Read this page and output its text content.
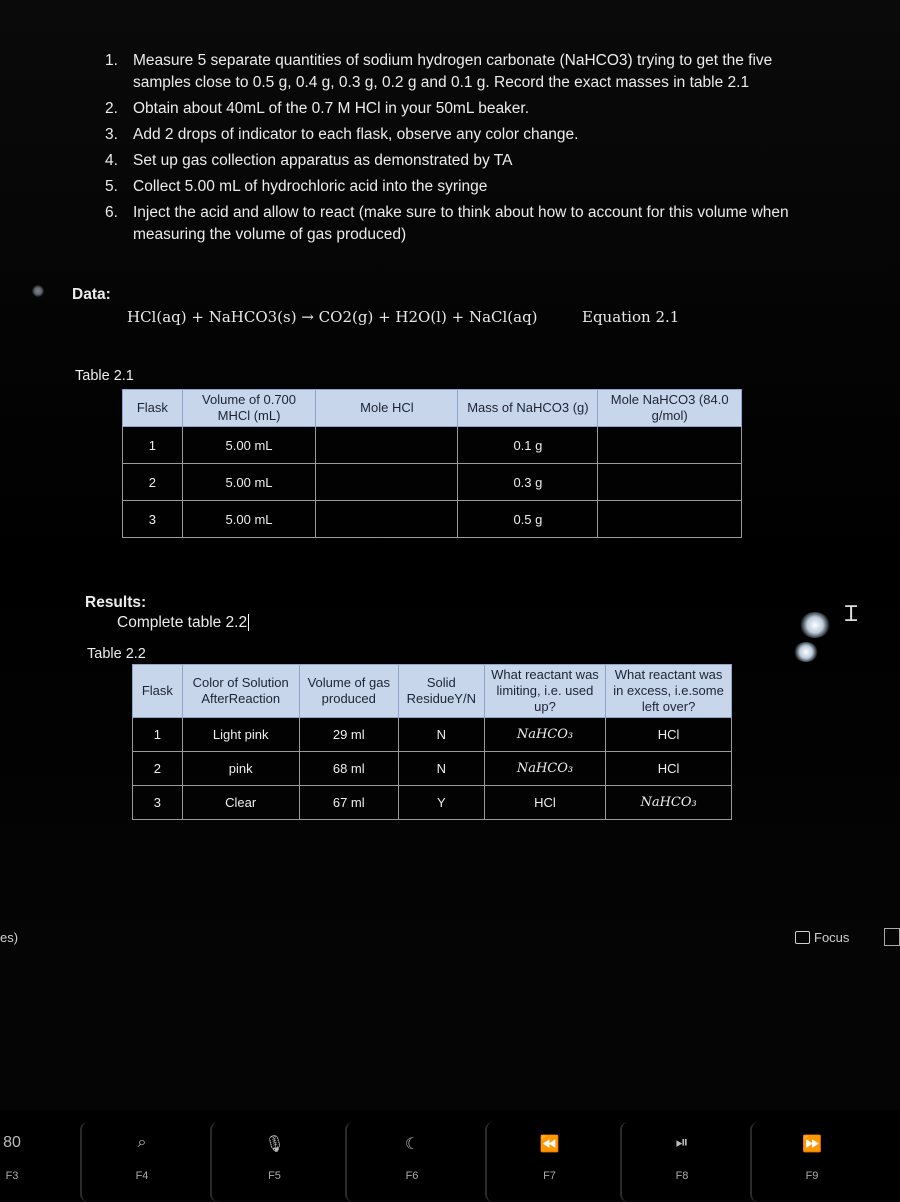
1. Measure 5 separate quantities of sodium hydrogen carbonate (NaHCO3) trying to get the five samples close to 0.5 g, 0.4 g, 0.3 g, 0.2 g and 0.1 g. Record the exact masses in table 2.1
2. Obtain about 40mL of the 0.7 M HCl in your 50mL beaker.
3. Add 2 drops of indicator to each flask, observe any color change.
4. Set up gas collection apparatus as demonstrated by TA
5. Collect 5.00 mL of hydrochloric acid into the syringe
6. Inject the acid and allow to react (make sure to think about how to account for this volume when measuring the volume of gas produced)
Data:
HCl(aq) + NaHCO3(s) → CO2(g) + H2O(l) + NaCl(aq)	Equation 2.1
Table 2.1
Flask	Volume of 0.700 MHCl (mL)	Mole HCl	Mass of NaHCO3 (g)	Mole NaHCO3 (84.0 g/mol)
1	5.00 mL		0.1 g	
2	5.00 mL		0.3 g	
3	5.00 mL		0.5 g	
Results:
Complete table 2.2
Table 2.2
Flask	Color of Solution AfterReaction	Volume of gas produced	Solid ResidueY/N	What reactant was limiting, i.e. used up?	What reactant was in excess, i.e.some left over?
1	Light pink	29 ml	N	NaHCO₃	HCl
2	pink	68 ml	N	NaHCO₃	HCl
3	Clear	67 ml	Y	HCl	NaHCO₃
Ɪ
es)	Focus
80
F3
⌕
F4
🎙
F5
☾
F6
⏪
F7
⏯
F8
⏩
F9
